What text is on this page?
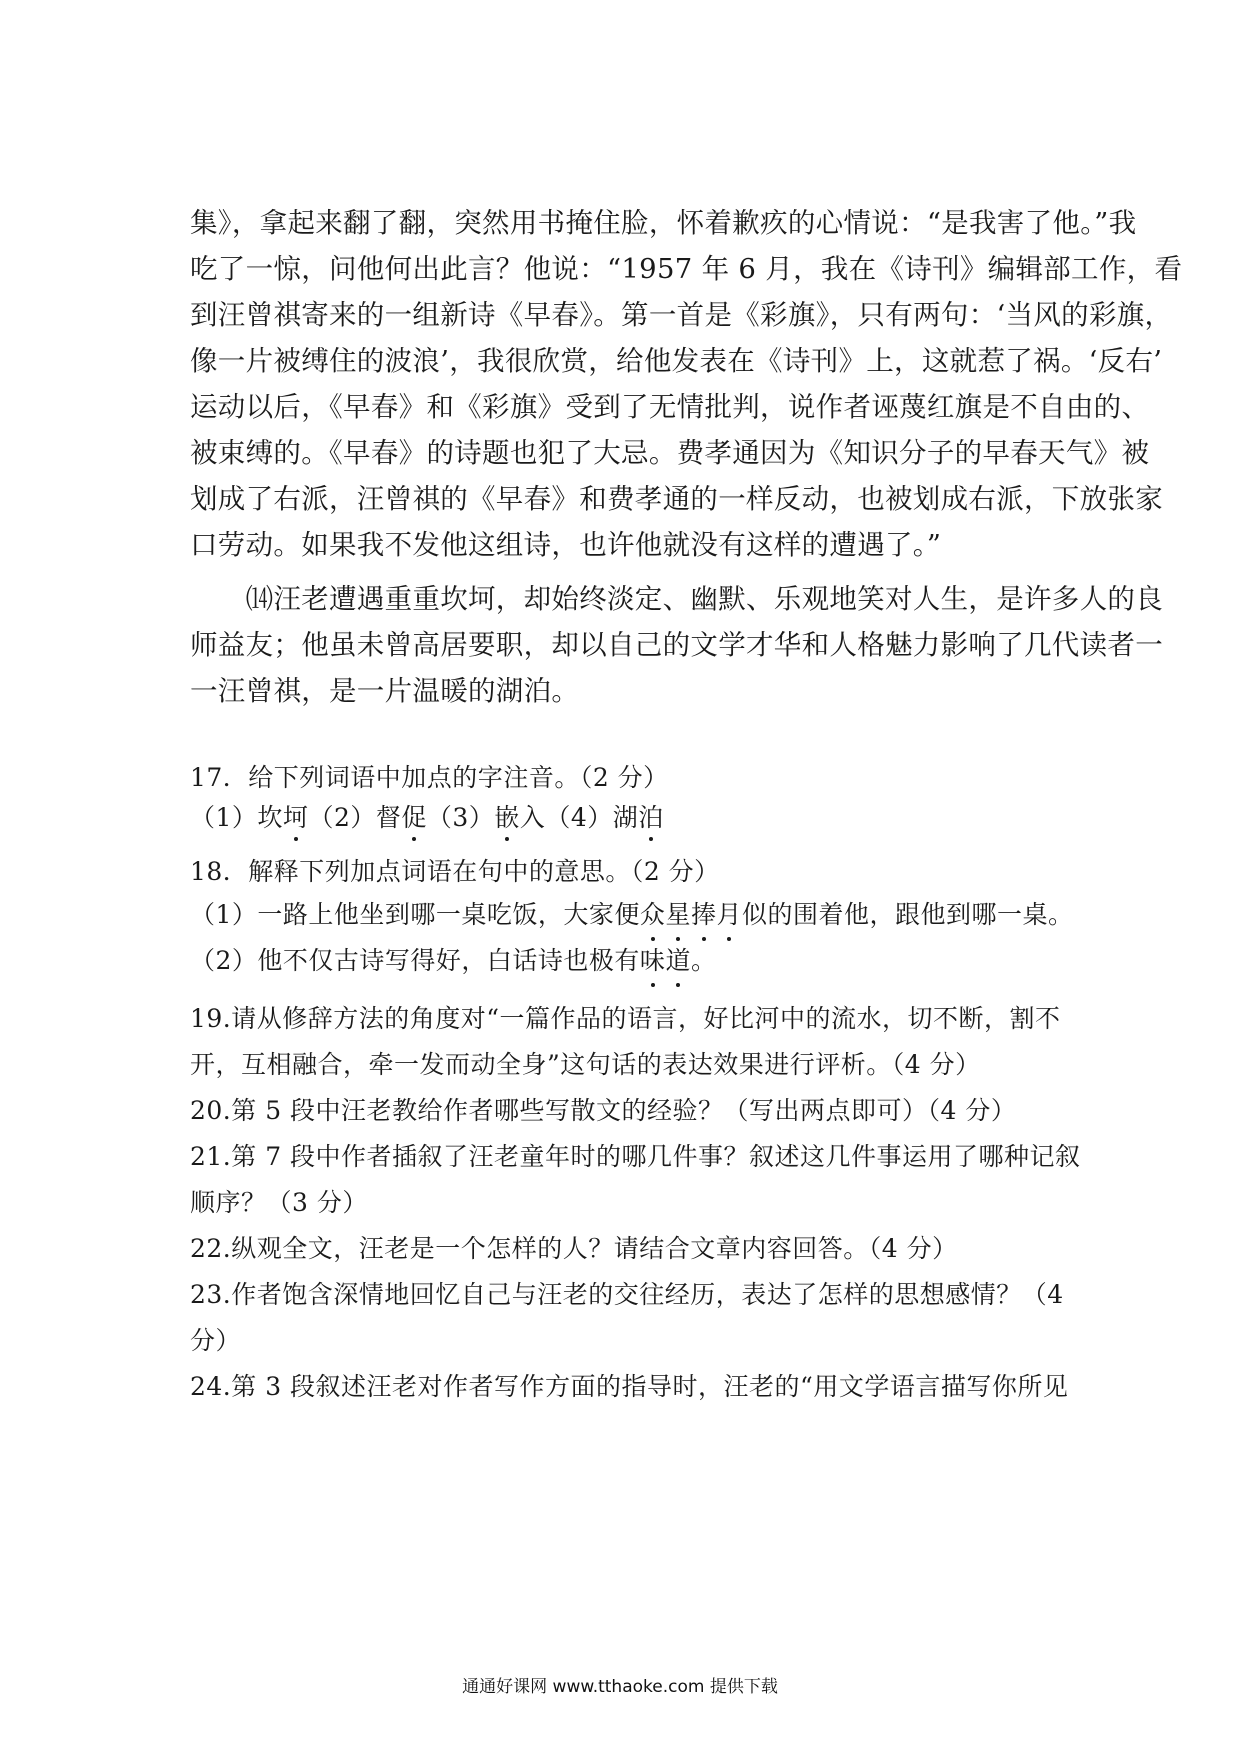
集》，拿起来翻了翻，突然用书掩住脸，怀着歉疚的心情说：“是我害了他。”我
吃了一惊，问他何出此言？他说：“1957 年 6 月，我在《诗刊》编辑部工作，看
到汪曾祺寄来的一组新诗《早春》。第一首是《彩旗》，只有两句：‘当风的彩旗，
像一片被缚住的波浪’，我很欣赏，给他发表在《诗刊》上，这就惹了祸。‘反右’
运动以后，《早春》和《彩旗》受到了无情批判，说作者诬蔑红旗是不自由的、
被束缚的。《早春》的诗题也犯了大忌。费孝通因为《知识分子的早春天气》被
划成了右派，汪曾祺的《早春》和费孝通的一样反动，也被划成右派，下放张家
口劳动。如果我不发他这组诗，也许他就没有这样的遭遇了。”
　　⒁汪老遭遇重重坎坷，却始终淡定、幽默、乐观地笑对人生，是许多人的良
师益友；他虽未曾高居要职，却以自己的文学才华和人格魅力影响了几代读者一
一汪曾祺，是一片温暖的湖泊。
17．给下列词语中加点的字注音。（2 分）
（1）坎坷（2）督促（3）嵌入（4）湖泊
18．解释下列加点词语在句中的意思。（2 分）
（1）一路上他坐到哪一桌吃饭，大家便众星捧月似的围着他，跟他到哪一桌。
（2）他不仅古诗写得好，白话诗也极有味道。
19.请从修辞方法的角度对“一篇作品的语言，好比河中的流水，切不断，割不
开，互相融合，牵一发而动全身”这句话的表达效果进行评析。（4 分）
20.第 5 段中汪老教给作者哪些写散文的经验？（写出两点即可）（4 分）
21.第 7 段中作者插叙了汪老童年时的哪几件事？叙述这几件事运用了哪种记叙
顺序？（3 分）
22.纵观全文，汪老是一个怎样的人？请结合文章内容回答。（4 分）
23.作者饱含深情地回忆自己与汪老的交往经历，表达了怎样的思想感情？（4
分）
24.第 3 段叙述汪老对作者写作方面的指导时，汪老的“用文学语言描写你所见
通通好课网 www.tthaoke.com 提供下载
